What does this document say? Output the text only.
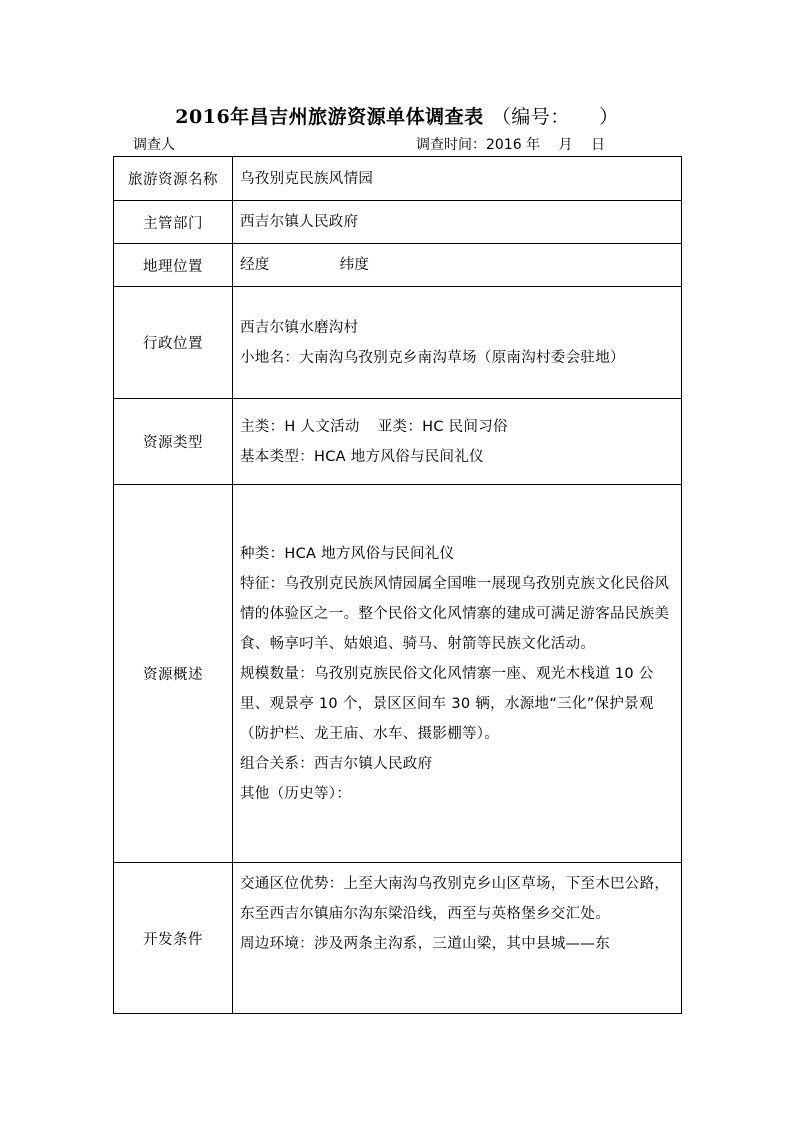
2016年昌吉州旅游资源单体调查表 （编号：　　）
调查人	调查时间：2016 年　 月　 日
旅游资源名称	乌孜别克民族风情园
主管部门	西吉尔镇人民政府
地理位置	经度 纬度
行政位置	西吉尔镇水磨沟村

小地名：大南沟乌孜别克乡南沟草场（原南沟村委会驻地）

资源类型	主类：H 人文活动 亚类：HC 民间习俗

基本类型：HCA 地方风俗与民间礼仪

资源概述	种类：HCA 地方风俗与民间礼仪

特征：乌孜别克民族风情园属全国唯一展现乌孜别克族文化民俗风情的体验区之一。整个民俗文化风情寨的建成可满足游客品民族美食、畅享叼羊、姑娘追、骑马、射箭等民族文化活动。

规模数量：乌孜别克族民俗文化风情寨一座、观光木栈道 10 公里、观景亭 10 个，景区区间车 30 辆，水源地“三化”保护景观（防护栏、龙王庙、水车、摄影棚等）。

组合关系：西吉尔镇人民政府

其他（历史等）：

开发条件	交通区位优势：上至大南沟乌孜别克乡山区草场，下至木巴公路，东至西吉尔镇庙尔沟东梁沿线，西至与英格堡乡交汇处。

周边环境：涉及两条主沟系，三道山梁，其中县城——东
